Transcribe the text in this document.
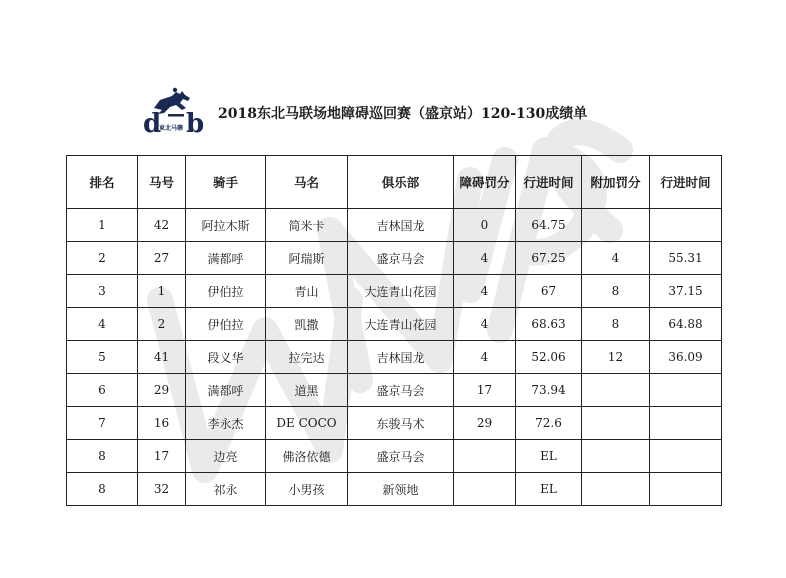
d b
東北马聯
2018东北马联场地障碍巡回赛（盛京站）120-130成绩单
排名	马号	骑手	马名	俱乐部	障碍罚分	行进时间	附加罚分	行进时间
1	42	阿拉木斯	简米卡	吉林国龙	0	64.75		
2	27	满都呼	阿瑞斯	盛京马会	4	67.25	4	55.31
3	1	伊伯拉	青山	大连青山花园	4	67	8	37.15
4	2	伊伯拉	凯撒	大连青山花园	4	68.63	8	64.88
5	41	段义华	拉完达	吉林国龙	4	52.06	12	36.09
6	29	满都呼	道黑	盛京马会	17	73.94		
7	16	李永杰	DE COCO	东骏马术	29	72.6		
8	17	边亮	佛洛依德	盛京马会		EL		
8	32	祁永	小男孩	新领地		EL		
